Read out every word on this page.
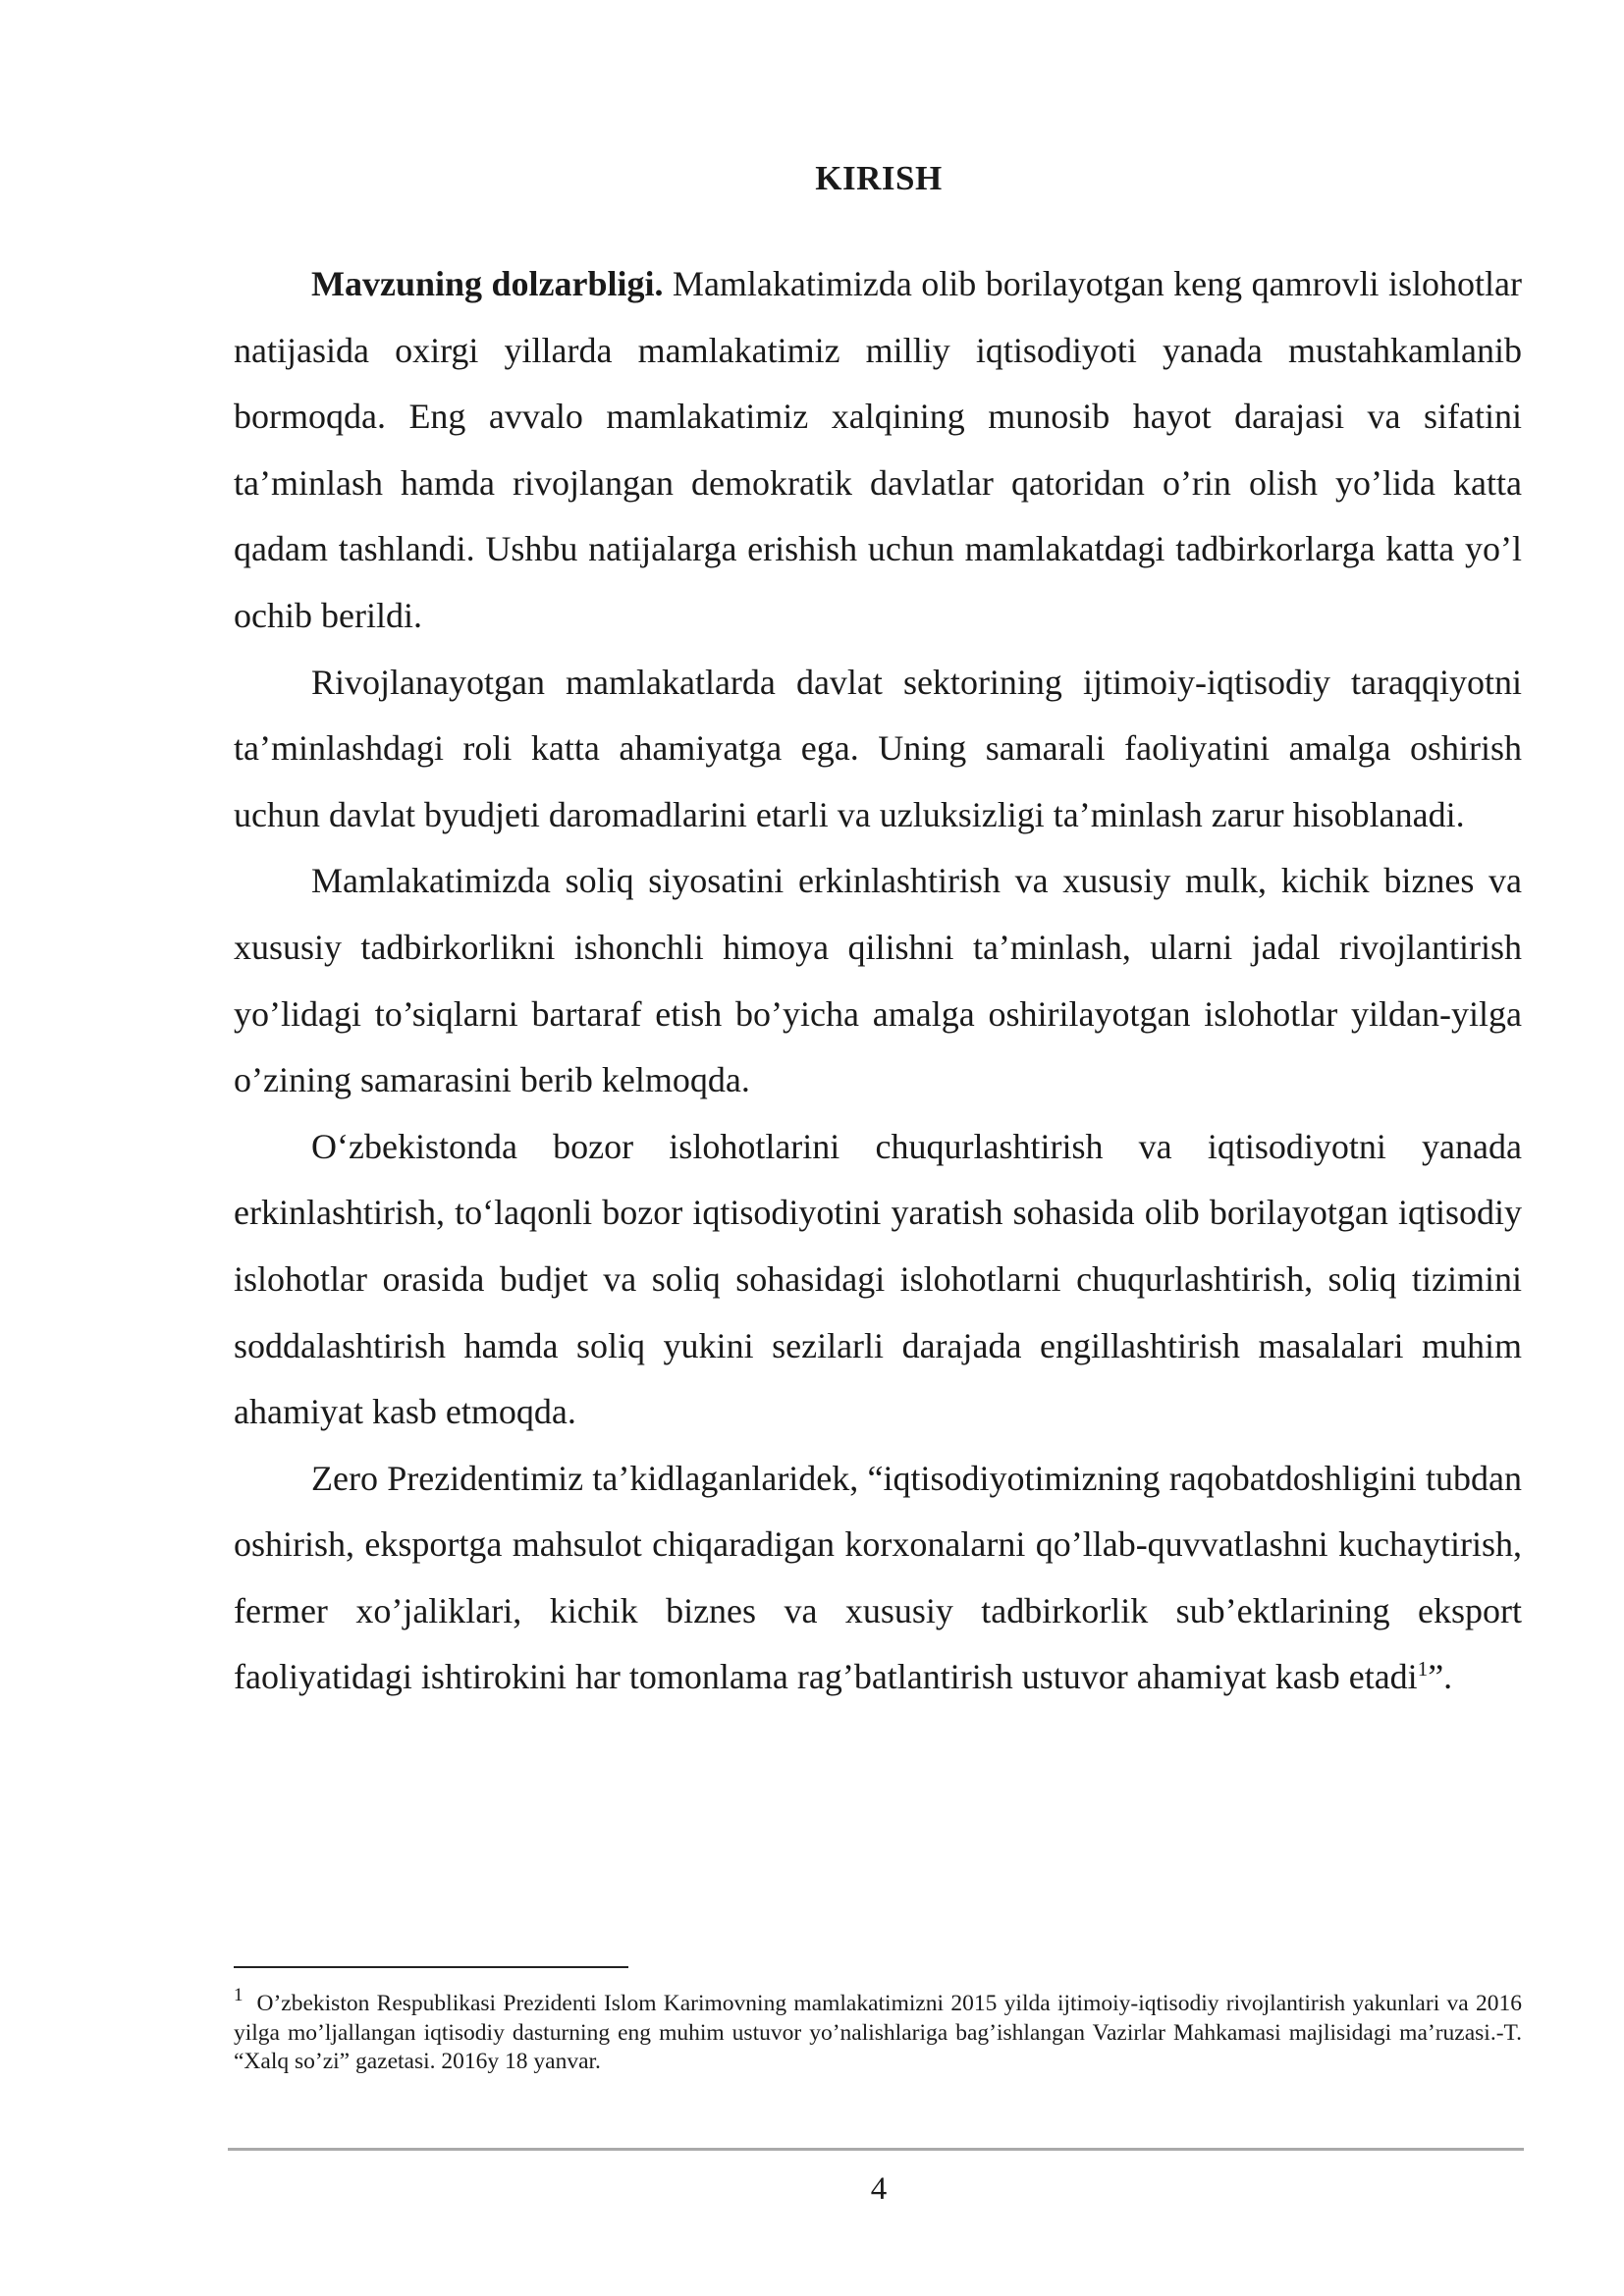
KIRISH

Mavzuning dolzarbligi. Mamlakatimizda olib borilayotgan keng qamrovli islohotlar natijasida oxirgi yillarda mamlakatimiz milliy iqtisodiyoti yanada mustahkamlanib bormoqda. Eng avvalo mamlakatimiz xalqining munosib hayot darajasi va sifatini ta’minlash hamda rivojlangan demokratik davlatlar qatoridan o’rin olish yo’lida katta qadam tashlandi. Ushbu natijalarga erishish uchun mamlakatdagi tadbirkorlarga katta yo’l ochib berildi.

Rivojlanayotgan mamlakatlarda davlat sektorining ijtimoiy-iqtisodiy taraqqiyotni ta’minlashdagi roli katta ahamiyatga ega. Uning samarali faoliyatini amalga oshirish uchun davlat byudjeti daromadlarini etarli va uzluksizligi ta’minlash zarur hisoblanadi.

Mamlakatimizda soliq siyosatini erkinlashtirish va xususiy mulk, kichik biznes va xususiy tadbirkorlikni ishonchli himoya qilishni ta’minlash, ularni jadal rivojlantirish yo’lidagi to’siqlarni bartaraf etish bo’yicha amalga oshirilayotgan islohotlar yildan-yilga o’zining samarasini berib kelmoqda.

O‘zbekistonda bozor islohotlarini chuqurlashtirish va iqtisodiyotni yanada erkinlashtirish, to‘laqonli bozor iqtisodiyotini yaratish sohasida olib borilayotgan iqtisodiy islohotlar orasida budjet va soliq sohasidagi islohotlarni chuqurlashtirish, soliq tizimini soddalashtirish hamda soliq yukini sezilarli darajada engillashtirish masalalari muhim ahamiyat kasb etmoqda.

Zero Prezidentimiz ta’kidlaganlaridek, “iqtisodiyotimizning raqobatdoshligini tubdan oshirish, eksportga mahsulot chiqaradigan korxonalarni qo’llab-quvvatlashni kuchaytirish, fermer xo’jaliklari, kichik biznes va xususiy tadbirkorlik sub’ektlarining eksport faoliyatidagi ishtirokini har tomonlama rag’batlantirish ustuvor ahamiyat kasb etadi$^1$”.

$^1$ O’zbekiston Respublikasi Prezidenti Islom Karimovning mamlakatimizni 2015 yilda ijtimoiy-iqtisodiy rivojlantirish yakunlari va 2016 yilga mo’ljallangan iqtisodiy dasturning eng muhim ustuvor yo’nalishlariga bag’ishlangan Vazirlar Mahkamasi majlisidagi ma’ruzasi.-T. “Xalq so’zi” gazetasi. 2016y 18 yanvar.
4
